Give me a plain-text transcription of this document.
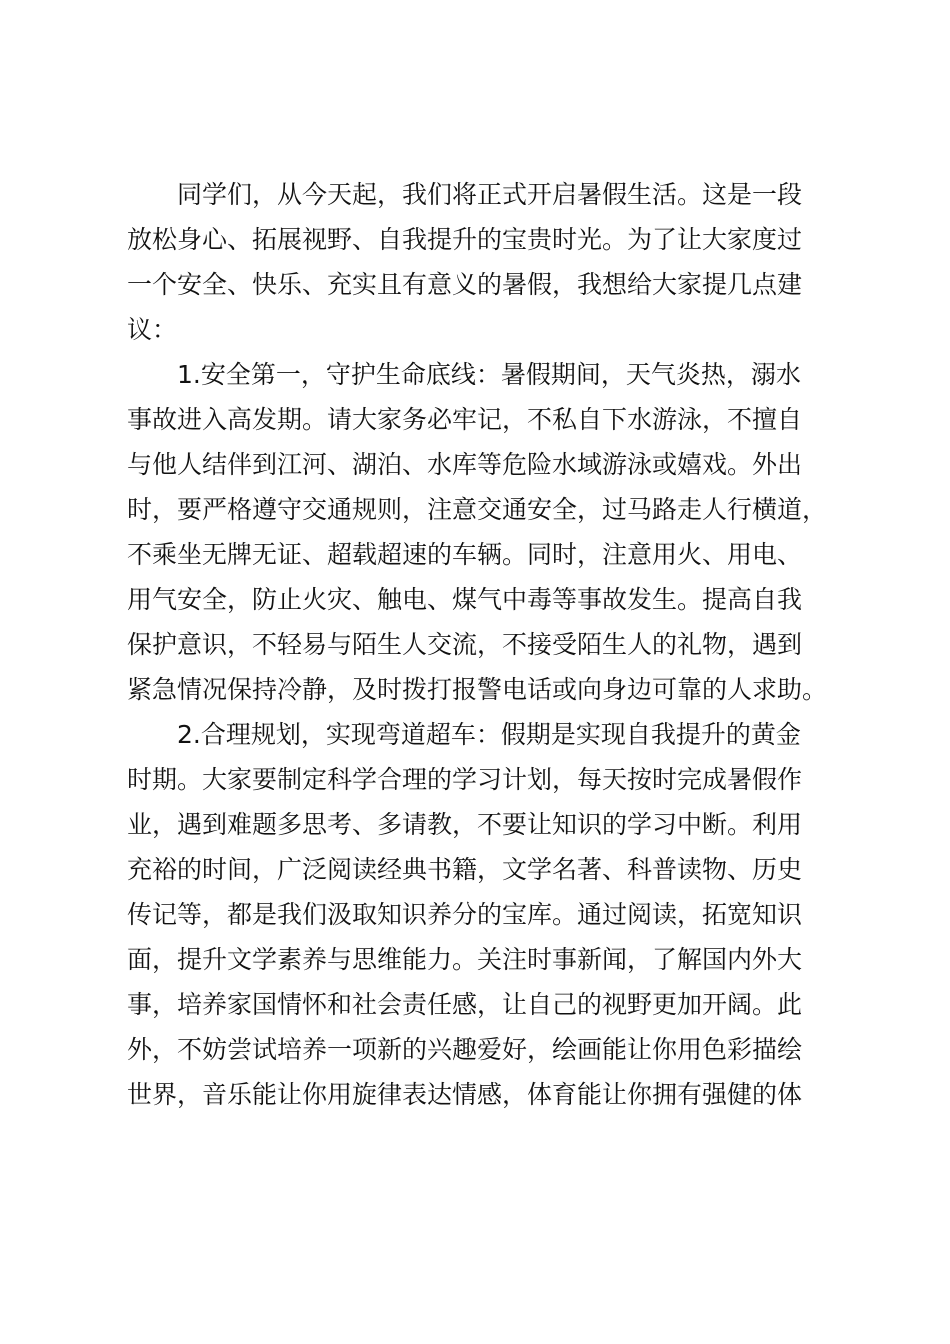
同学们，从今天起，我们将正式开启暑假生活。这是一段
放松身心、拓展视野、自我提升的宝贵时光。为了让大家度过
一个安全、快乐、充实且有意义的暑假，我想给大家提几点建
议：
1.安全第一，守护生命底线：暑假期间，天气炎热，溺水
事故进入高发期。请大家务必牢记，不私自下水游泳，不擅自
与他人结伴到江河、湖泊、水库等危险水域游泳或嬉戏。外出
时，要严格遵守交通规则，注意交通安全，过马路走人行横道，
不乘坐无牌无证、超载超速的车辆。同时，注意用火、用电、
用气安全，防止火灾、触电、煤气中毒等事故发生。提高自我
保护意识，不轻易与陌生人交流，不接受陌生人的礼物，遇到
紧急情况保持冷静，及时拨打报警电话或向身边可靠的人求助。
2.合理规划，实现弯道超车：假期是实现自我提升的黄金
时期。大家要制定科学合理的学习计划，每天按时完成暑假作
业，遇到难题多思考、多请教，不要让知识的学习中断。利用
充裕的时间，广泛阅读经典书籍，文学名著、科普读物、历史
传记等，都是我们汲取知识养分的宝库。通过阅读，拓宽知识
面，提升文学素养与思维能力。关注时事新闻，了解国内外大
事，培养家国情怀和社会责任感，让自己的视野更加开阔。此
外，不妨尝试培养一项新的兴趣爱好，绘画能让你用色彩描绘
世界，音乐能让你用旋律表达情感，体育能让你拥有强健的体
